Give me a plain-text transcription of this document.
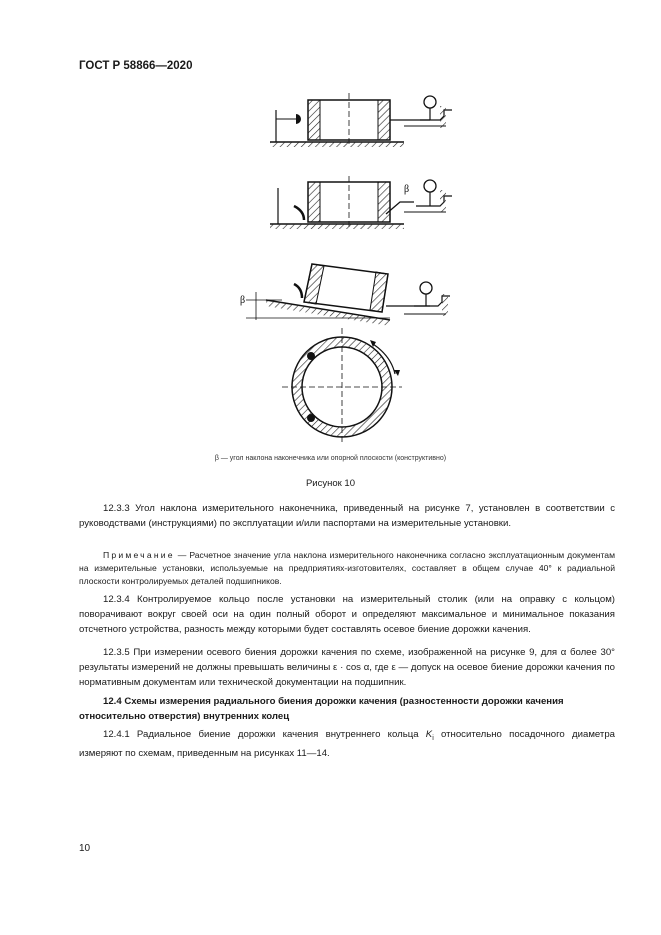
ГОСТ Р 58866—2020
β
β
β — угол наклона наконечника или опорной плоскости (конструктивно)
Рисунок 10

12.3.3 Угол наклона измерительного наконечника, приведенный на рисунке 7, установлен в соответствии с руководствами (инструкциями) по эксплуатации и/или паспортами на измерительные установки.

Примечание — Расчетное значение угла наклона измерительного наконечника согласно эксплуатационным документам на измерительные установки, используемые на предприятиях-изготовителях, составляет в общем случае 40° к радиальной плоскости контролируемых деталей подшипников.

12.3.4 Контролируемое кольцо после установки на измерительный столик (или на оправку с кольцом) поворачивают вокруг своей оси на один полный оборот и определяют максимальное и минимальное показания отсчетного устройства, разность между которыми будет составлять осевое биение дорожки качения.

12.3.5 При измерении осевого биения дорожки качения по схеме, изображенной на рисунке 9, для α более 30° результаты измерений не должны превышать величины ε · cos α, где ε — допуск на осевое биение дорожки качения по нормативным документам или технической документации на подшипник.

12.4 Схемы измерения радиального биения дорожки качения (разностенности дорожки качения относительно отверстия) внутренних колец

12.4.1 Радиальное биение дорожки качения внутреннего кольца $K_i$ относительно посадочного диаметра измеряют по схемам, приведенным на рисунках 11—14.

10
